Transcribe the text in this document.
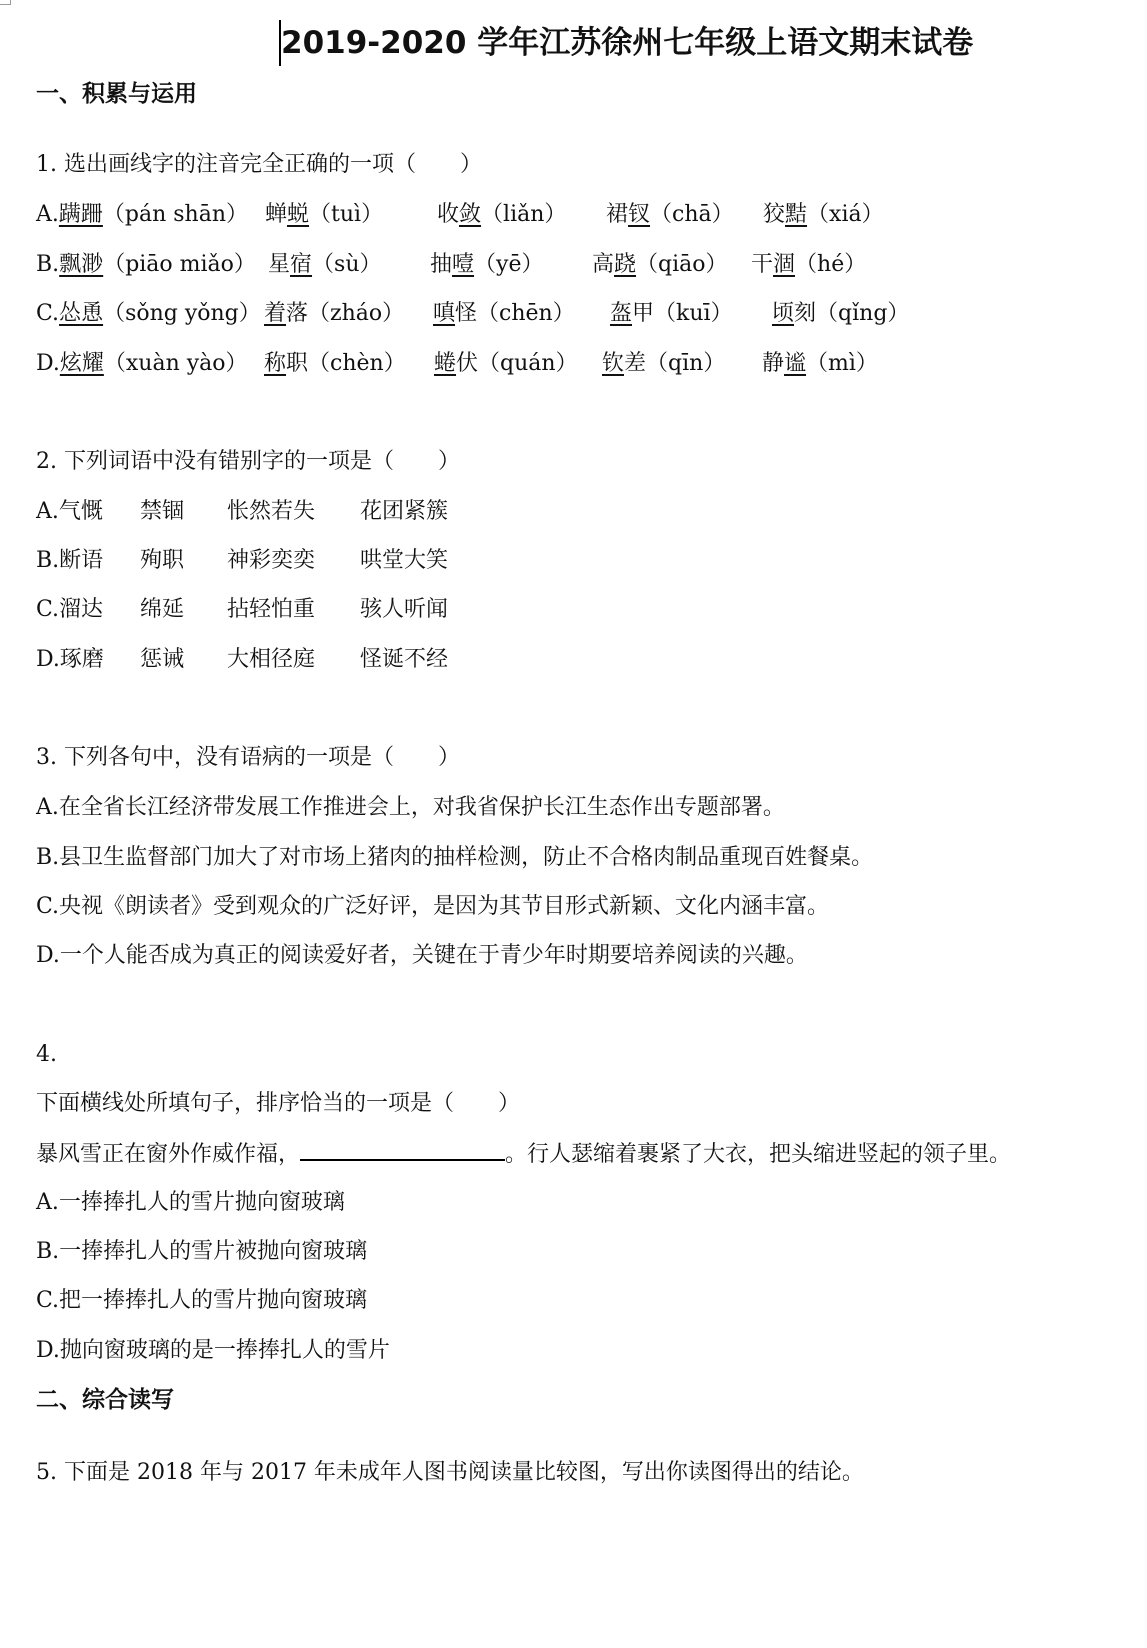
2019-2020 学年江苏徐州七年级上语文期末试卷
一、积累与运用
1. 选出画线字的注音完全正确的一项（　　）
A.蹒跚（pán shān） 蝉蜕（tuì） 收敛（liǎn） 裙钗（chā） 狡黠（xiá）
B.飘渺（piāo miǎo） 星宿（sù） 抽噎（yē） 高跷（qiāo） 干涸（hé）
C.怂恿（sǒng yǒng） 着落（zháo） 嗔怪（chēn） 盔甲（kuī） 顷刻（qǐng）
D.炫耀（xuàn yào） 称职（chèn） 蜷伏（quán） 钦差（qīn） 静谧（mì）
2. 下列词语中没有错别字的一项是（　　）
A.气慨 禁锢 怅然若失 花团紧簇
B.断语 殉职 神彩奕奕 哄堂大笑
C.溜达 绵延 拈轻怕重 骇人听闻
D.琢磨 惩诫 大相径庭 怪诞不经
3. 下列各句中，没有语病的一项是（　　）
A.在全省长江经济带发展工作推进会上，对我省保护长江生态作出专题部署。
B.县卫生监督部门加大了对市场上猪肉的抽样检测，防止不合格肉制品重现百姓餐桌。
C.央视《朗读者》受到观众的广泛好评，是因为其节目形式新颖、文化内涵丰富。
D.一个人能否成为真正的阅读爱好者，关键在于青少年时期要培养阅读的兴趣。
4.
下面横线处所填句子，排序恰当的一项是（　　）
暴风雪正在窗外作威作福，	。行人瑟缩着裹紧了大衣，把头缩进竖起的领子里。
A.一捧捧扎人的雪片抛向窗玻璃
B.一捧捧扎人的雪片被抛向窗玻璃
C.把一捧捧扎人的雪片抛向窗玻璃
D.抛向窗玻璃的是一捧捧扎人的雪片
二、综合读写
5. 下面是 2018 年与 2017 年未成年人图书阅读量比较图，写出你读图得出的结论。
